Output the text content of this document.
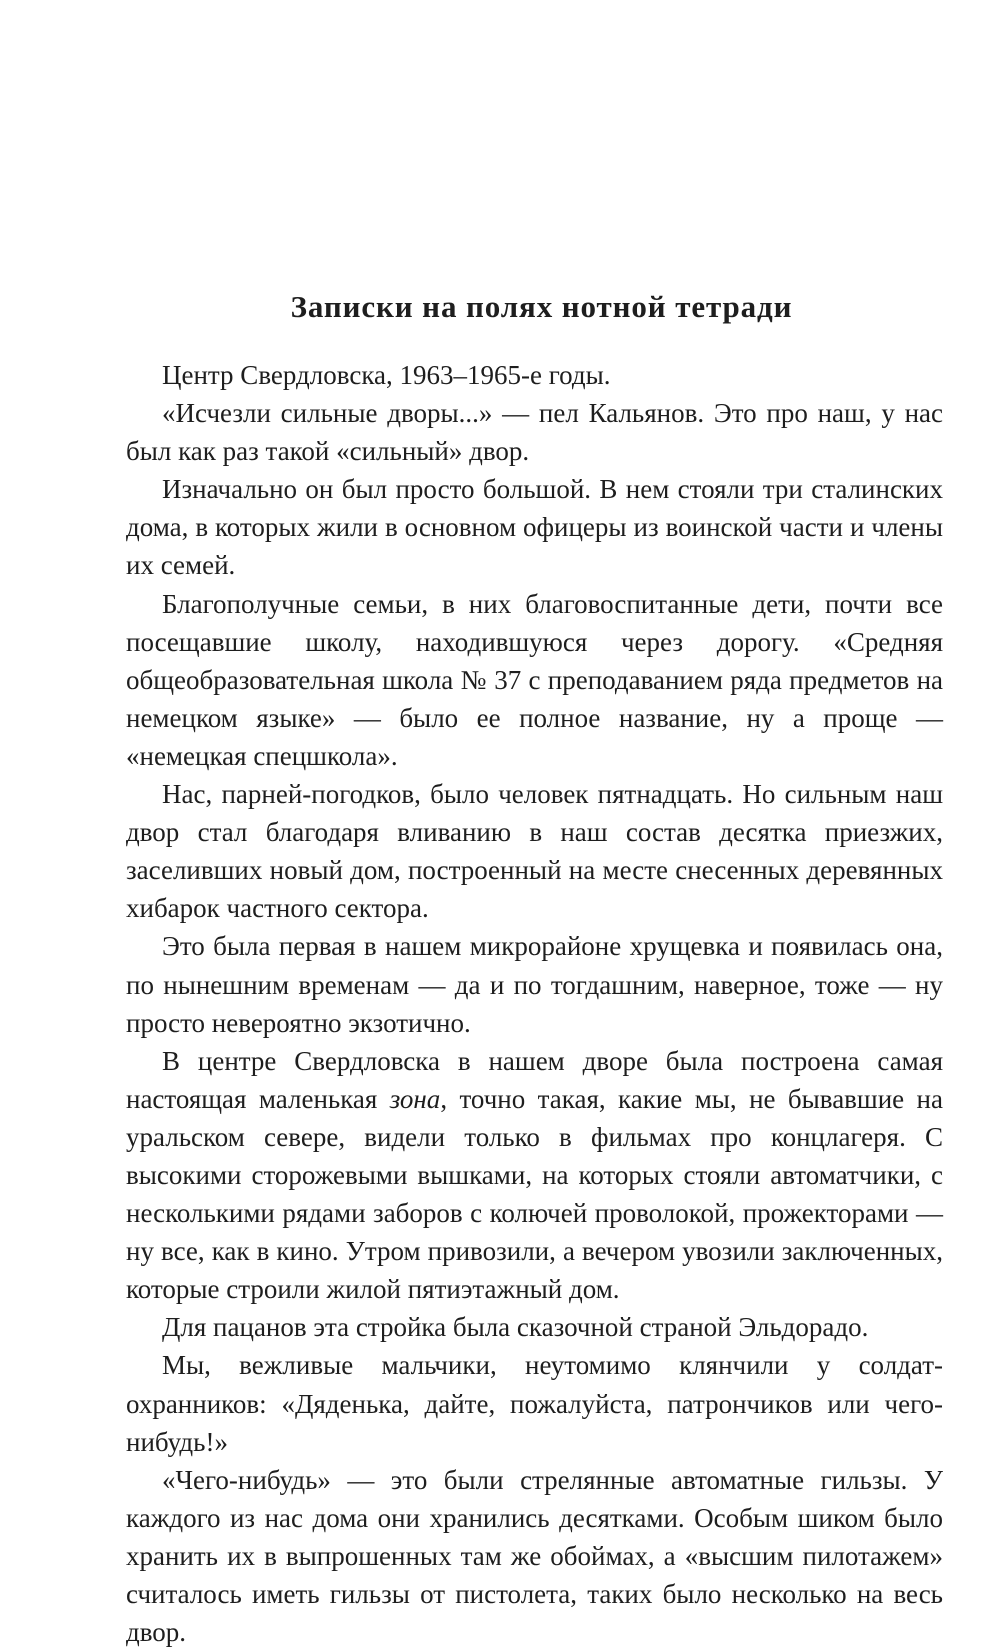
Записки на полях нотной тетради

Центр Свердловска, 1963–1965-е годы.

«Исчезли сильные дворы...» — пел Кальянов. Это про наш, у нас был как раз такой «сильный» двор.

Изначально он был просто большой. В нем стояли три сталинских дома, в которых жили в основном офицеры из воинской части и члены их семей.

Благополучные семьи, в них благовоспитанные дети, почти все посещавшие школу, находившуюся через дорогу. «Средняя общеобразовательная школа № 37 с преподаванием ряда предметов на немецком языке» — было ее полное название, ну а проще — «немецкая спецшкола».

Нас, парней-погодков, было человек пятнадцать. Но сильным наш двор стал благодаря вливанию в наш состав десятка приезжих, заселивших новый дом, построенный на месте снесенных деревянных хибарок частного сектора.

Это была первая в нашем микрорайоне хрущевка и появилась она, по нынешним временам — да и по тогдашним, наверное, тоже — ну просто невероятно экзотично.

В центре Свердловска в нашем дворе была построена самая настоящая маленькая зона, точно такая, какие мы, не бывавшие на уральском севере, видели только в фильмах про концлагеря. С высокими сторожевыми вышками, на которых стояли автоматчики, с несколькими рядами заборов с колючей проволокой, прожекторами — ну все, как в кино. Утром привозили, а вечером увозили заключенных, которые строили жилой пятиэтажный дом.

Для пацанов эта стройка была сказочной страной Эльдорадо.

Мы, вежливые мальчики, неутомимо клянчили у солдат-охранников: «Дяденька, дайте, пожалуйста, патрончиков или чего-нибудь!»

«Чего-нибудь» — это были стрелянные автоматные гильзы. У каждого из нас дома они хранились десятками. Особым шиком было хранить их в выпрошенных там же обоймах, а «высшим пилотажем» считалось иметь гильзы от пистолета, таких было несколько на весь двор.
